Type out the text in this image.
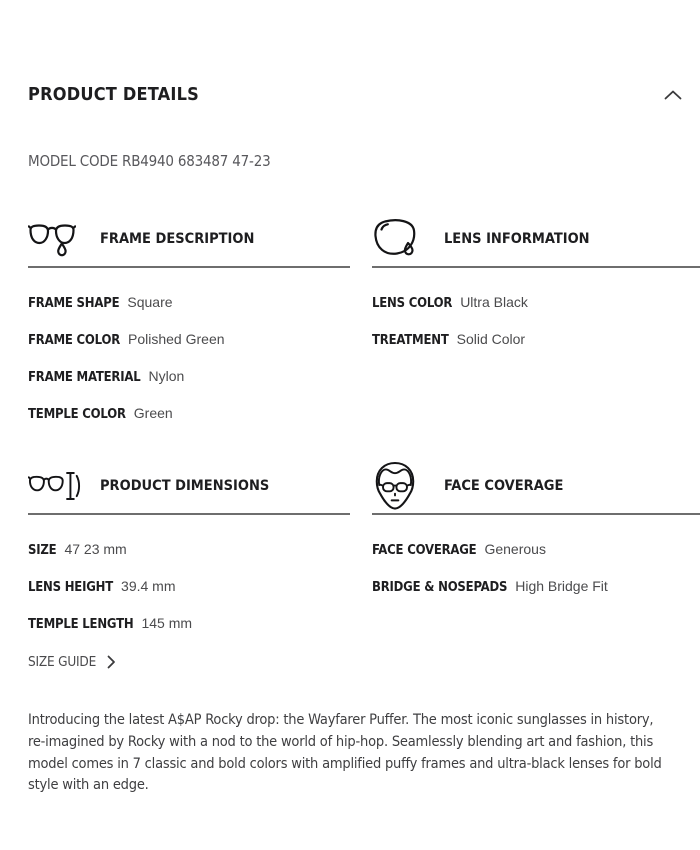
PRODUCT DETAILS
MODEL CODE RB4940 683487 47-23
FRAME DESCRIPTION
FRAME SHAPE Square
FRAME COLOR Polished Green
FRAME MATERIAL Nylon
TEMPLE COLOR Green
LENS INFORMATION
LENS COLOR Ultra Black
TREATMENT Solid Color
PRODUCT DIMENSIONS
SIZE 47 23 mm
LENS HEIGHT 39.4 mm
TEMPLE LENGTH 145 mm
SIZE GUIDE
FACE COVERAGE
FACE COVERAGE Generous
BRIDGE & NOSEPADS High Bridge Fit

Introducing the latest A$AP Rocky drop: the Wayfarer Puffer. The most iconic sunglasses in history, re-imagined by Rocky with a nod to the world of hip-hop. Seamlessly blending art and fashion, this model comes in 7 classic and bold colors with amplified puffy frames and ultra-black lenses for bold style with an edge.
